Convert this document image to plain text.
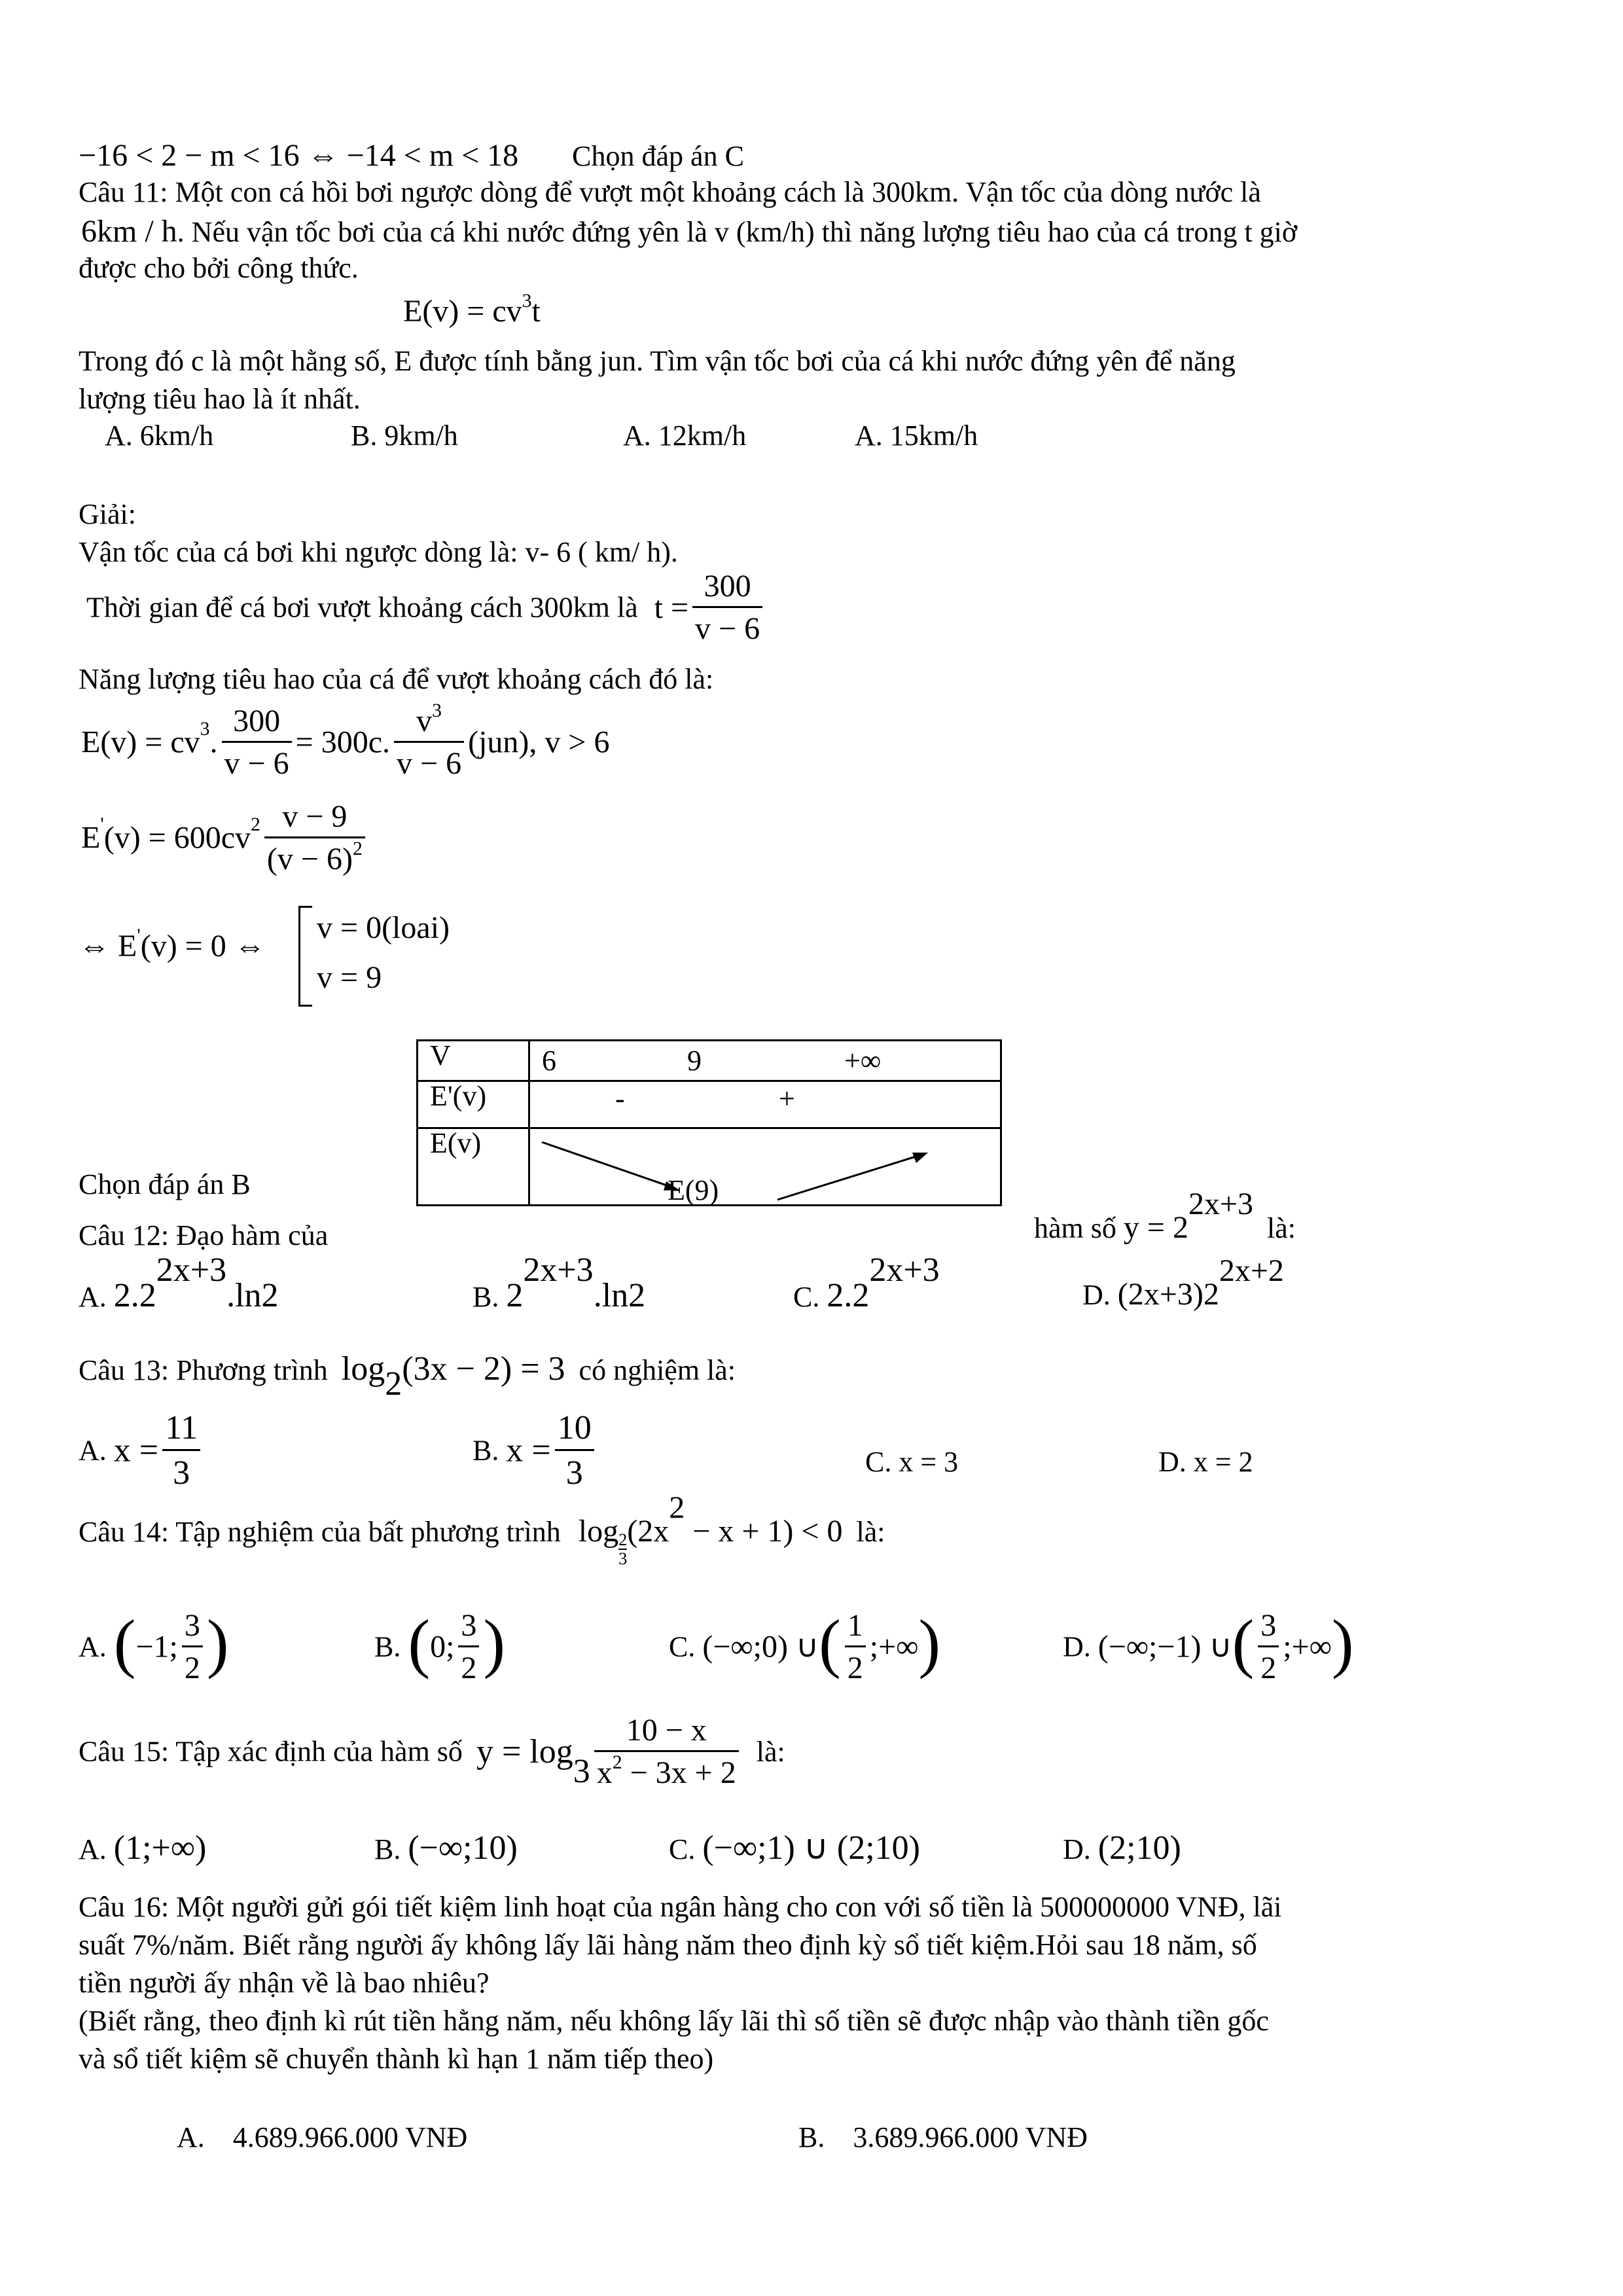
−16 < 2 − m < 16 ⇔ −14 < m < 18 Chọn đáp án C
Câu 11: Một con cá hồi bơi ngược dòng để vượt một khoảng cách là 300km. Vận tốc của dòng nước là
6km / h. Nếu vận tốc bơi của cá khi nước đứng yên là v (km/h) thì năng lượng tiêu hao của cá trong t giờ
được cho bởi công thức.
$E(v) = cv^3t$
Trong đó c là một hằng số, E được tính bằng jun. Tìm vận tốc bơi của cá khi nước đứng yên để năng
lượng tiêu hao là ít nhất.
A. 6km/h	B. 9km/h	A. 12km/h	A. 15km/h
Giải:
Vận tốc của cá bơi khi ngược dòng là: v- 6 ( km/ h).
Thời gian để cá bơi vượt khoảng cách 300km là $t = \frac{300}{v - 6}$
Năng lượng tiêu hao của cá để vượt khoảng cách đó là:
$E(v) = cv^3$. $\frac{300}{v - 6} = 300c$. $\frac{v^3}{v - 6} (jun)$, v > 6
$E'(v) = 600cv^2 \frac{v - 9}{(v - 6)^2}$
⇔ E'(v) = 0 ⇔
v = 0(loai)
v = 9
V	6 9 +∞

E'(v)	- +

E(v)	E(9)
Chọn đáp án B
Câu 12: Đạo hàm của	hàm số $y = 2^{2x+3}$ là:
A. $2.2^{2x+3}.\ln 2$	B. $2^{2x+3}.\ln 2$	C. $2.2^{2x+3}$
D. $(2x+3)2^{2x+2}$
Câu 13: Phương trình $\log_2(3x - 2) = 3$ có nghiệm là:
A. $x = \frac{11}{3}$	B. $x = \frac{10}{3}$	C. x = 3	D. x = 2
Câu 14: Tập nghiệm của bất phương trình $\log \frac{2}{3} (2x^2 - x + 1) < 0$ là:
A. (−1; $\frac{3}{2}$ )	B. (0; $\frac{3}{2}$ )	C. (−∞;0) ∪( $\frac{1}{2}$ ;+∞)	D. (−∞;−1) ∪( $\frac{3}{2}$ ;+∞)
Câu 15: Tập xác định của hàm số $y = \log_3 \frac{10 - x}{x^2 - 3x + 2}$ là:
A. (1;+∞)	B. (−∞;10)	C. (−∞;1) ∪ (2;10)	D. (2;10)
Câu 16: Một người gửi gói tiết kiệm linh hoạt của ngân hàng cho con với số tiền là 500000000 VNĐ, lãi
suất 7%/năm. Biết rằng người ấy không lấy lãi hàng năm theo định kỳ sổ tiết kiệm.Hỏi sau 18 năm, số
tiền người ấy nhận về là bao nhiêu?
(Biết rằng, theo định kì rút tiền hằng năm, nếu không lấy lãi thì số tiền sẽ được nhập vào thành tiền gốc
và sổ tiết kiệm sẽ chuyển thành kì hạn 1 năm tiếp theo)
A. 4.689.966.000 VNĐ	B. 3.689.966.000 VNĐ
